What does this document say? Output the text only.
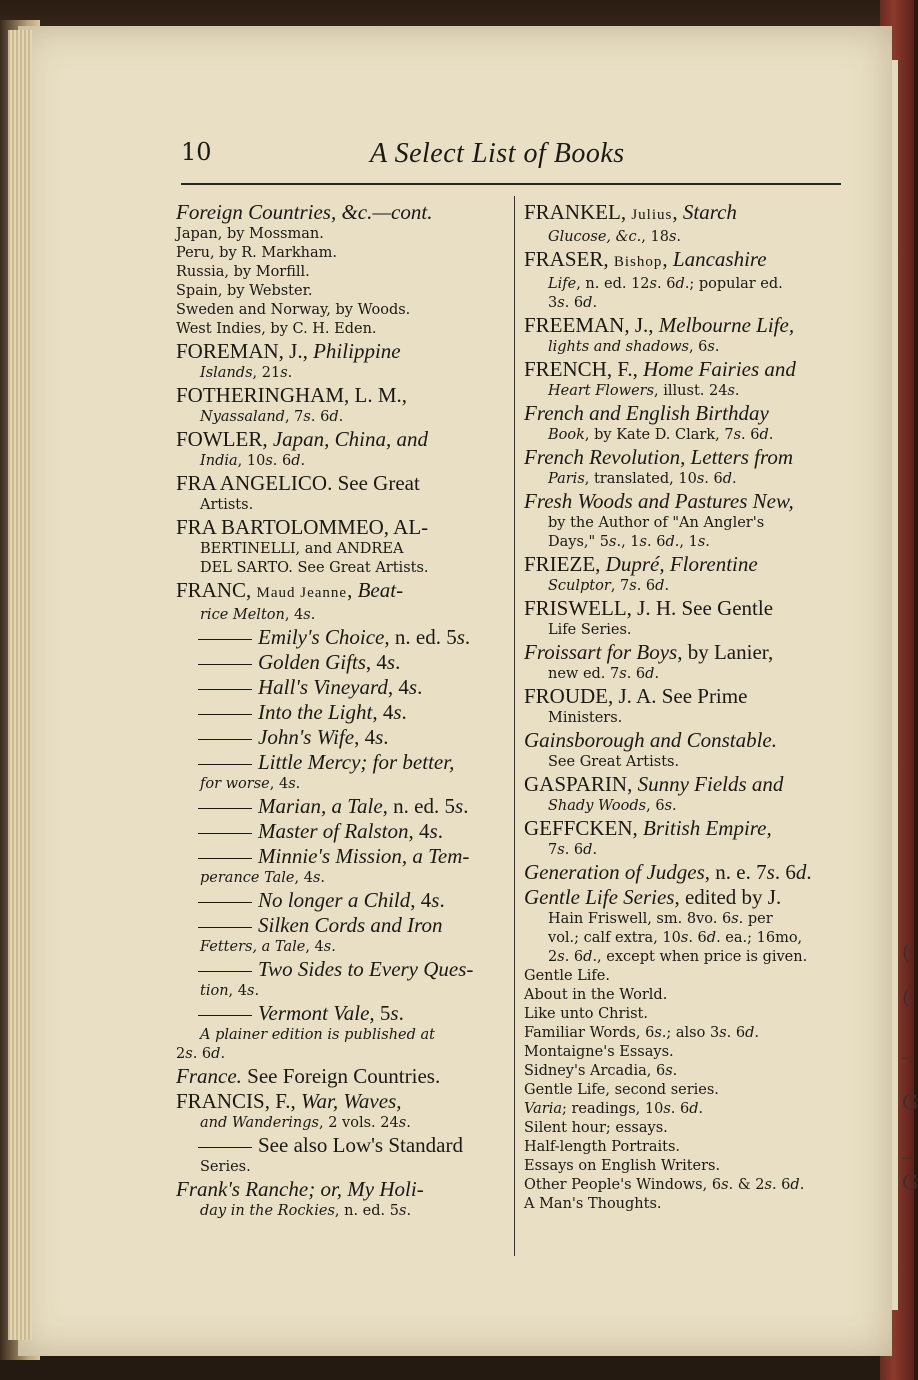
(
(
_
G
_
G
10	A Select List of Books
Foreign Countries, &c.—cont.
Japan, by Mossman.
Peru, by R. Markham.
Russia, by Morfill.
Spain, by Webster.
Sweden and Norway, by Woods.
West Indies, by C. H. Eden.
FOREMAN, J., Philippine
Islands, 21s.
FOTHERINGHAM, L. M.,
Nyassaland, 7s. 6d.
FOWLER, Japan, China, and
India, 10s. 6d.
FRA ANGELICO. See Great
Artists.
FRA BARTOLOMMEO, AL-
BERTINELLI, and ANDREA
DEL SARTO. See Great Artists.
FRANC, Maud Jeanne, Beat-
rice Melton, 4s.
Emily's Choice, n. ed. 5s.
Golden Gifts, 4s.
Hall's Vineyard, 4s.
Into the Light, 4s.
John's Wife, 4s.
Little Mercy; for better,
for worse, 4s.
Marian, a Tale, n. ed. 5s.
Master of Ralston, 4s.
Minnie's Mission, a Tem-
perance Tale, 4s.
No longer a Child, 4s.
Silken Cords and Iron
Fetters, a Tale, 4s.
Two Sides to Every Ques-
tion, 4s.
Vermont Vale, 5s.
A plainer edition is published at
2s. 6d.
France. See Foreign Countries.
FRANCIS, F., War, Waves,
and Wanderings, 2 vols. 24s.
See also Low's Standard
Series.
Frank's Ranche; or, My Holi-
day in the Rockies, n. ed. 5s.
FRANKEL, Julius, Starch
Glucose, &c., 18s.
FRASER, Bishop, Lancashire
Life, n. ed. 12s. 6d.; popular ed.
3s. 6d.
FREEMAN, J., Melbourne Life,
lights and shadows, 6s.
FRENCH, F., Home Fairies and
Heart Flowers, illust. 24s.
French and English Birthday
Book, by Kate D. Clark, 7s. 6d.
French Revolution, Letters from
Paris, translated, 10s. 6d.
Fresh Woods and Pastures New,
by the Author of "An Angler's
Days," 5s., 1s. 6d., 1s.
FRIEZE, Dupré, Florentine
Sculptor, 7s. 6d.
FRISWELL, J. H. See Gentle
Life Series.
Froissart for Boys, by Lanier,
new ed. 7s. 6d.
FROUDE, J. A. See Prime
Ministers.
Gainsborough and Constable.
See Great Artists.
GASPARIN, Sunny Fields and
Shady Woods, 6s.
GEFFCKEN, British Empire,
7s. 6d.
Generation of Judges, n. e. 7s. 6d.
Gentle Life Series, edited by J.
Hain Friswell, sm. 8vo. 6s. per
vol.; calf extra, 10s. 6d. ea.; 16mo,
2s. 6d., except when price is given.
Gentle Life.
About in the World.
Like unto Christ.
Familiar Words, 6s.; also 3s. 6d.
Montaigne's Essays.
Sidney's Arcadia, 6s.
Gentle Life, second series.
Varia; readings, 10s. 6d.
Silent hour; essays.
Half-length Portraits.
Essays on English Writers.
Other People's Windows, 6s. & 2s. 6d.
A Man's Thoughts.
